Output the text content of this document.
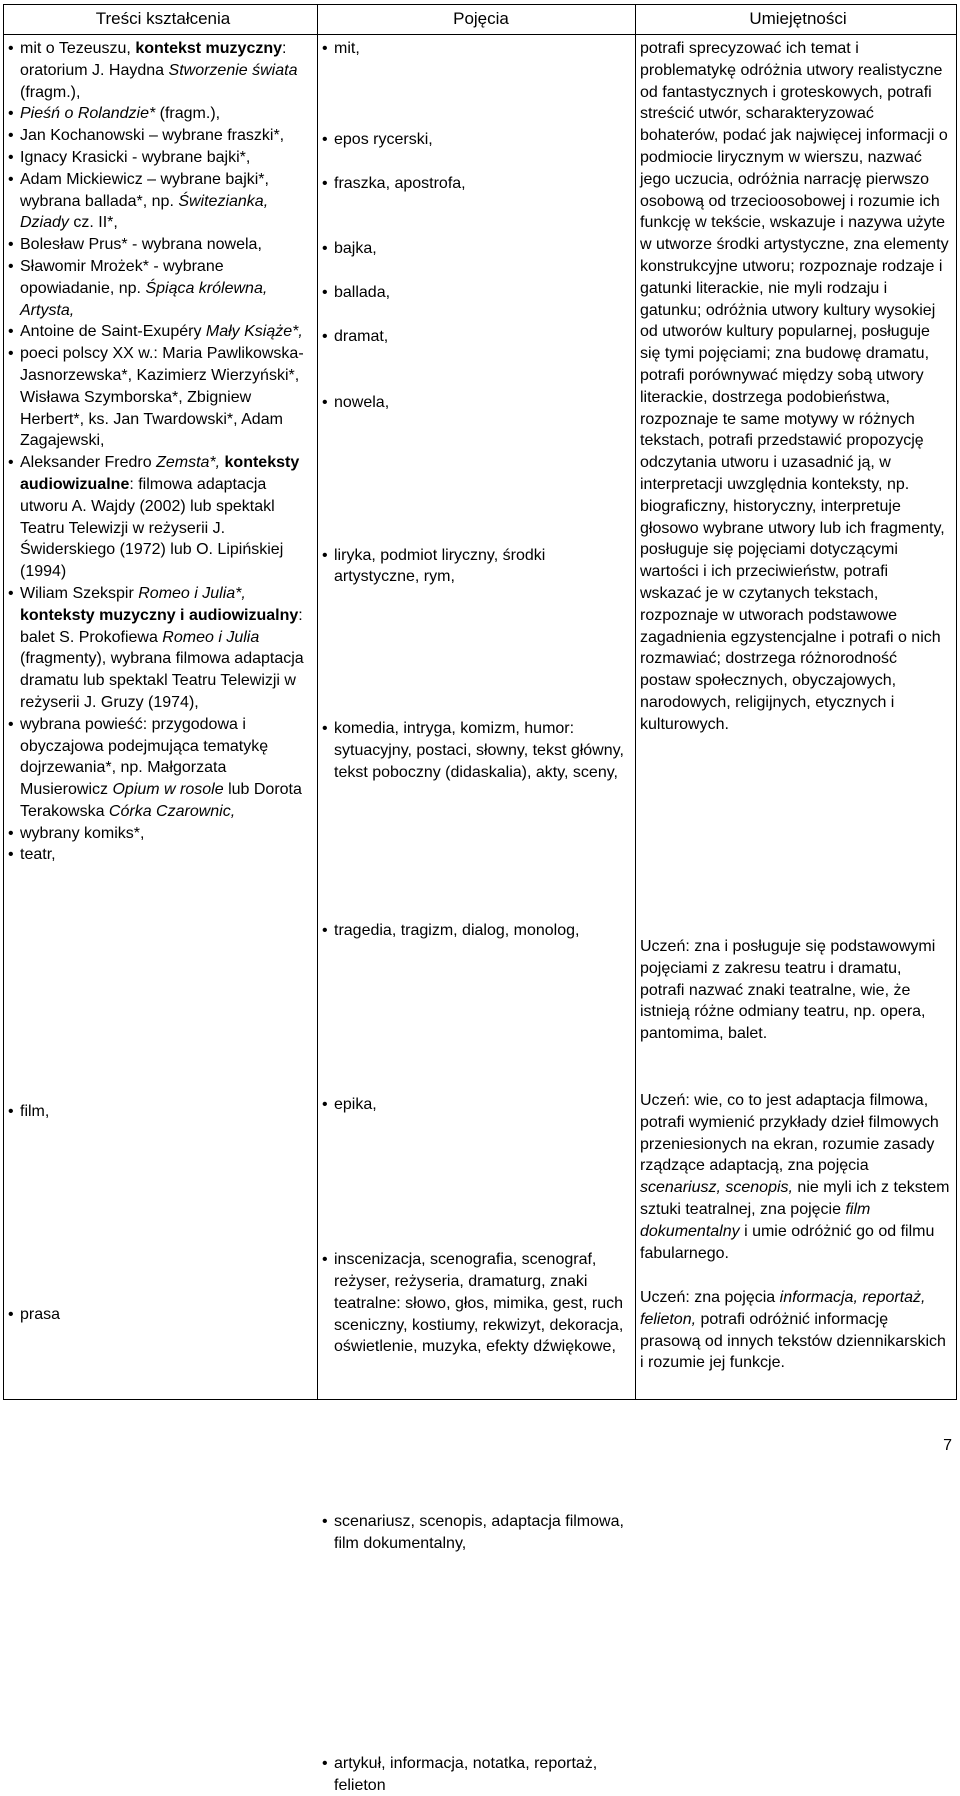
Treści kształcenia	Pojęcia	Umiejętności
• mit o Tezeuszu, kontekst muzyczny: oratorium J. Haydna Stworzenie świata (fragm.),
• Pieśń o Rolandzie* (fragm.),
• Jan Kochanowski – wybrane fraszki*,
• Ignacy Krasicki - wybrane bajki*,
• Adam Mickiewicz – wybrane bajki*, wybrana ballada*, np. Świtezianka, Dziady cz. II*,
• Bolesław Prus* - wybrana nowela,
• Sławomir Mrożek* - wybrane opowiadanie, np. Śpiąca królewna, Artysta,
• Antoine de Saint-Exupéry Mały Książe*,
• poeci polscy XX w.: Maria Pawlikowska-Jasnorzewska*, Kazimierz Wierzyński*, Wisława Szymborska*, Zbigniew Herbert*, ks. Jan Twardowski*, Adam Zagajewski,
• Aleksander Fredro Zemsta*, konteksty audiowizualne: filmowa adaptacja utworu A. Wajdy (2002) lub spektakl Teatru Telewizji w reżyserii J. Świderskiego (1972) lub O. Lipińskiej (1994)
• Wiliam Szekspir Romeo i Julia*, konteksty muzyczny i audiowizualny: balet S. Prokofiewa Romeo i Julia (fragmenty), wybrana filmowa adaptacja dramatu lub spektakl Teatru Telewizji w reżyserii J. Gruzy (1974),
• wybrana powieść: przygodowa i obyczajowa podejmująca tematykę dojrzewania*, np. Małgorzata Musierowicz Opium w rosole lub Dorota Terakowska Córka Czarownic,
• wybrany komiks*,
• teatr,
• film,
• prasa
• mit,
• epos rycerski,
• fraszka, apostrofa,
• bajka,
• ballada,
• dramat,
• nowela,
• liryka, podmiot liryczny, środki artystyczne, rym,
• komedia, intryga, komizm, humor: sytuacyjny, postaci, słowny, tekst główny, tekst poboczny (didaskalia), akty, sceny,
• tragedia, tragizm, dialog, monolog,
• epika,
• inscenizacja, scenografia, scenograf, reżyser, reżyseria, dramaturg, znaki teatralne: słowo, głos, mimika, gest, ruch sceniczny, kostiumy, rekwizyt, dekoracja, oświetlenie, muzyka, efekty dźwiękowe,
• scenariusz, scenopis, adaptacja filmowa, film dokumentalny,
• artykuł, informacja, notatka, reportaż, felieton
potrafi sprecyzować ich temat i problematykę odróżnia utwory realistyczne od fantastycznych i groteskowych, potrafi streścić utwór, scharakteryzować bohaterów, podać jak najwięcej informacji o podmiocie lirycznym w wierszu, nazwać jego uczucia, odróżnia narrację pierwszo osobową od trzecioosobowej i rozumie ich funkcję w tekście, wskazuje i nazywa użyte w utworze środki artystyczne, zna elementy konstrukcyjne utworu; rozpoznaje rodzaje i gatunki literackie, nie myli rodzaju i gatunku; odróżnia utwory kultury wysokiej od utworów kultury popularnej, posługuje się tymi pojęciami; zna budowę dramatu, potrafi porównywać między sobą utwory literackie, dostrzega podobieństwa, rozpoznaje te same motywy w różnych tekstach, potrafi przedstawić propozycję odczytania utworu i uzasadnić ją, w interpretacji uwzględnia konteksty, np. biograficzny, historyczny, interpretuje głosowo wybrane utwory lub ich fragmenty, posługuje się pojęciami dotyczącymi wartości i ich przeciwieństw, potrafi wskazać je w czytanych tekstach, rozpoznaje w utworach podstawowe zagadnienia egzystencjalne i potrafi o nich rozmawiać; dostrzega różnorodność postaw społecznych, obyczajowych, narodowych, religijnych, etycznych i kulturowych.
Uczeń: zna i posługuje się podstawowymi pojęciami z zakresu teatru i dramatu, potrafi nazwać znaki teatralne, wie, że istnieją różne odmiany teatru, np. opera, pantomima, balet.
Uczeń: wie, co to jest adaptacja filmowa, potrafi wymienić przykłady dzieł filmowych przeniesionych na ekran, rozumie zasady rządzące adaptacją, zna pojęcia scenariusz, scenopis, nie myli ich z tekstem sztuki teatralnej, zna pojęcie film dokumentalny i umie odróżnić go od filmu fabularnego.
Uczeń: zna pojęcia informacja, reportaż, felieton, potrafi odróżnić informację prasową od innych tekstów dziennikarskich i rozumie jej funkcje.
7
